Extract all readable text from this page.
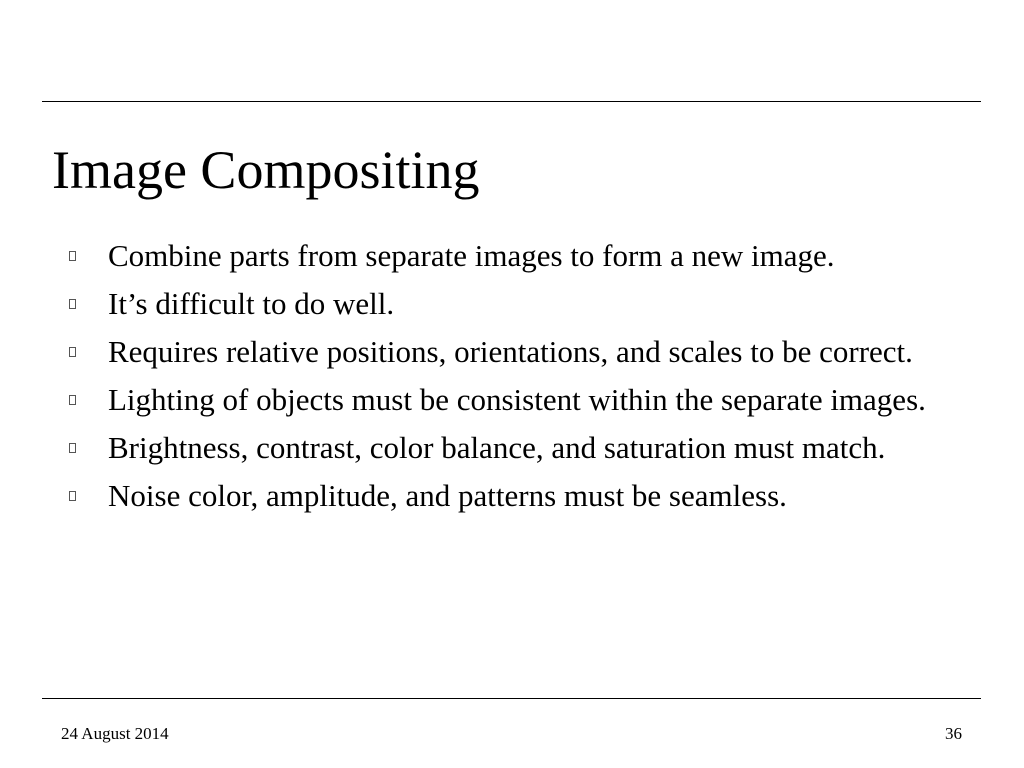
Image Compositing
Combine parts from separate images to form a new image.
It’s difficult to do well.
Requires relative positions, orientations, and scales to be correct.
Lighting of objects must be consistent within the separate images.
Brightness, contrast, color balance, and saturation must match.
Noise color, amplitude, and patterns must be seamless.
24 August 2014	36
